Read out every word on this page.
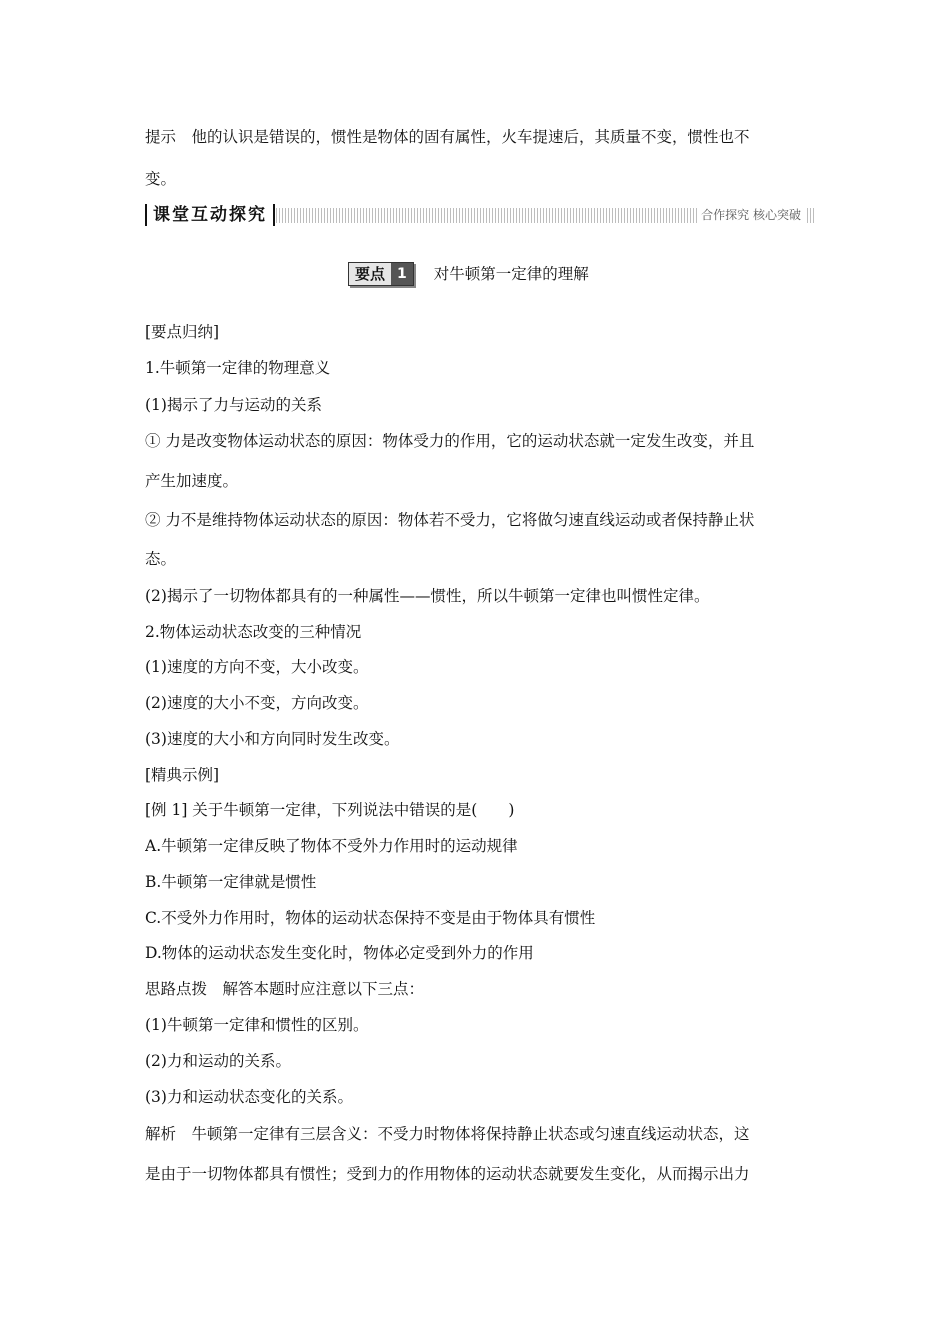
提示　他的认识是错误的，惯性是物体的固有属性，火车提速后，其质量不变，惯性也不
变。
课堂互动探究	合作探究 核心突破
要点 1	对牛顿第一定律的理解
[要点归纳]
1.牛顿第一定律的物理意义
(1)揭示了力与运动的关系
① 力是改变物体运动状态的原因：物体受力的作用，它的运动状态就一定发生改变，并且
产生加速度。
② 力不是维持物体运动状态的原因：物体若不受力，它将做匀速直线运动或者保持静止状
态。
(2)揭示了一切物体都具有的一种属性——惯性，所以牛顿第一定律也叫惯性定律。
2.物体运动状态改变的三种情况
(1)速度的方向不变，大小改变。
(2)速度的大小不变，方向改变。
(3)速度的大小和方向同时发生改变。
[精典示例]
[例 1] 关于牛顿第一定律，下列说法中错误的是(　　)
A.牛顿第一定律反映了物体不受外力作用时的运动规律
B.牛顿第一定律就是惯性
C.不受外力作用时，物体的运动状态保持不变是由于物体具有惯性
D.物体的运动状态发生变化时，物体必定受到外力的作用
思路点拨　解答本题时应注意以下三点：
(1)牛顿第一定律和惯性的区别。
(2)力和运动的关系。
(3)力和运动状态变化的关系。
解析　牛顿第一定律有三层含义：不受力时物体将保持静止状态或匀速直线运动状态，这
是由于一切物体都具有惯性；受到力的作用物体的运动状态就要发生变化，从而揭示出力
